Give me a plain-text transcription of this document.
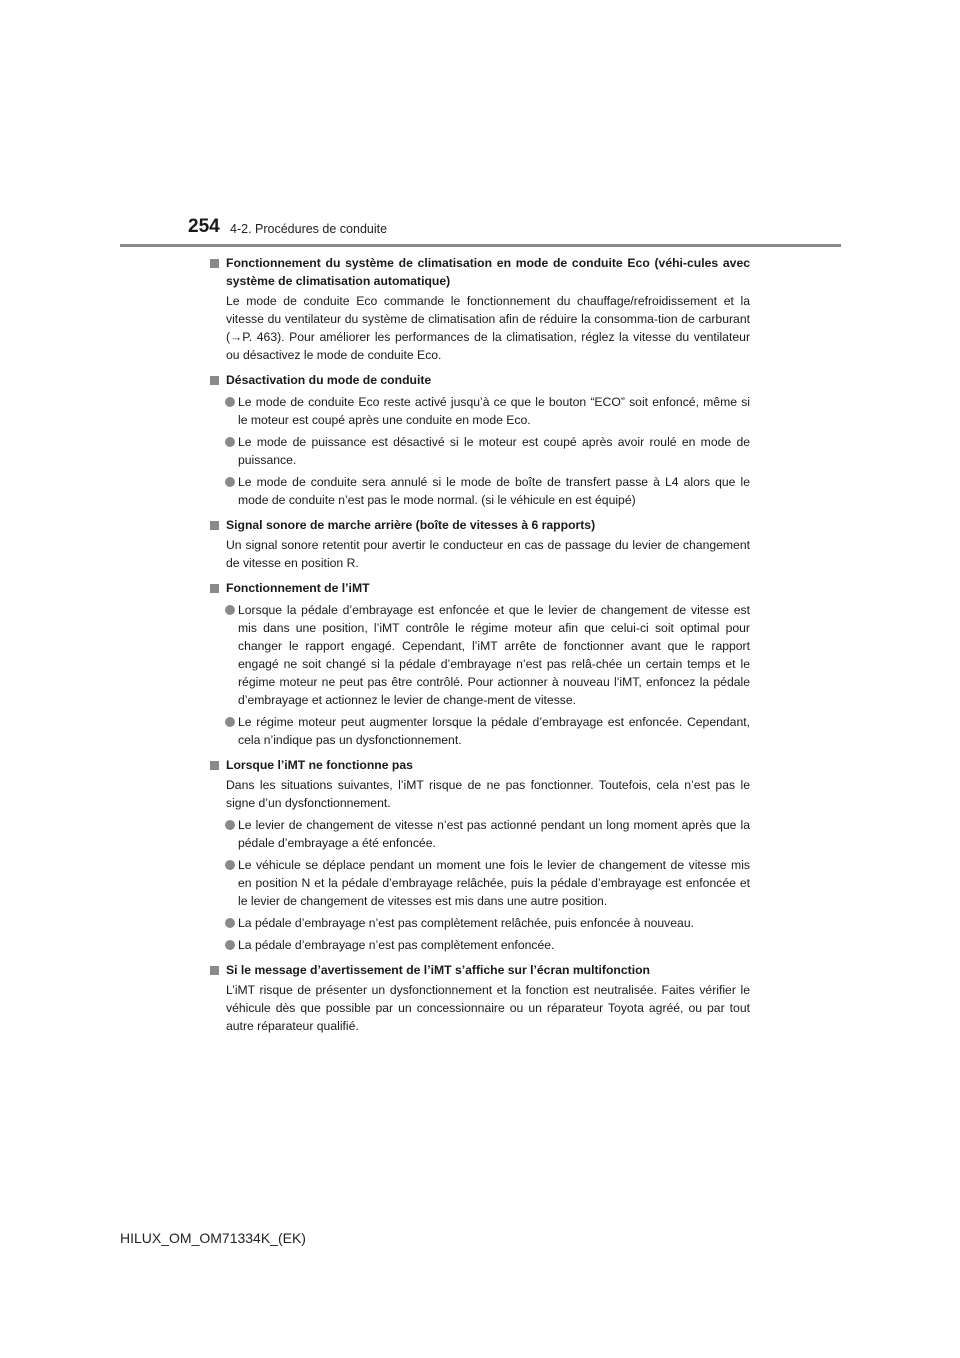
254 4-2. Procédures de conduite
Fonctionnement du système de climatisation en mode de conduite Eco (véhi-cules avec système de climatisation automatique)
Le mode de conduite Eco commande le fonctionnement du chauffage/refroidissement et la vitesse du ventilateur du système de climatisation afin de réduire la consomma-tion de carburant (→P. 463). Pour améliorer les performances de la climatisation, réglez la vitesse du ventilateur ou désactivez le mode de conduite Eco.
Désactivation du mode de conduite
Le mode de conduite Eco reste activé jusqu’à ce que le bouton “ECO” soit enfoncé, même si le moteur est coupé après une conduite en mode Eco.
Le mode de puissance est désactivé si le moteur est coupé après avoir roulé en mode de puissance.
Le mode de conduite sera annulé si le mode de boîte de transfert passe à L4 alors que le mode de conduite n’est pas le mode normal. (si le véhicule en est équipé)
Signal sonore de marche arrière (boîte de vitesses à 6 rapports)
Un signal sonore retentit pour avertir le conducteur en cas de passage du levier de changement de vitesse en position R.
Fonctionnement de l’iMT
Lorsque la pédale d’embrayage est enfoncée et que le levier de changement de vitesse est mis dans une position, l’iMT contrôle le régime moteur afin que celui-ci soit optimal pour changer le rapport engagé. Cependant, l’iMT arrête de fonctionner avant que le rapport engagé ne soit changé si la pédale d’embrayage n’est pas relâ-chée un certain temps et le régime moteur ne peut pas être contrôlé. Pour actionner à nouveau l’iMT, enfoncez la pédale d’embrayage et actionnez le levier de change-ment de vitesse.
Le régime moteur peut augmenter lorsque la pédale d’embrayage est enfoncée. Cependant, cela n’indique pas un dysfonctionnement.
Lorsque l’iMT ne fonctionne pas
Dans les situations suivantes, l’iMT risque de ne pas fonctionner. Toutefois, cela n’est pas le signe d’un dysfonctionnement.
Le levier de changement de vitesse n’est pas actionné pendant un long moment après que la pédale d’embrayage a été enfoncée.
Le véhicule se déplace pendant un moment une fois le levier de changement de vitesse mis en position N et la pédale d’embrayage relâchée, puis la pédale d’embrayage est enfoncée et le levier de changement de vitesses est mis dans une autre position.
La pédale d’embrayage n’est pas complètement relâchée, puis enfoncée à nouveau.
La pédale d’embrayage n’est pas complètement enfoncée.
Si le message d’avertissement de l’iMT s’affiche sur l’écran multifonction
L’iMT risque de présenter un dysfonctionnement et la fonction est neutralisée. Faites vérifier le véhicule dès que possible par un concessionnaire ou un réparateur Toyota agréé, ou par tout autre réparateur qualifié.
HILUX_OM_OM71334K_(EK)
